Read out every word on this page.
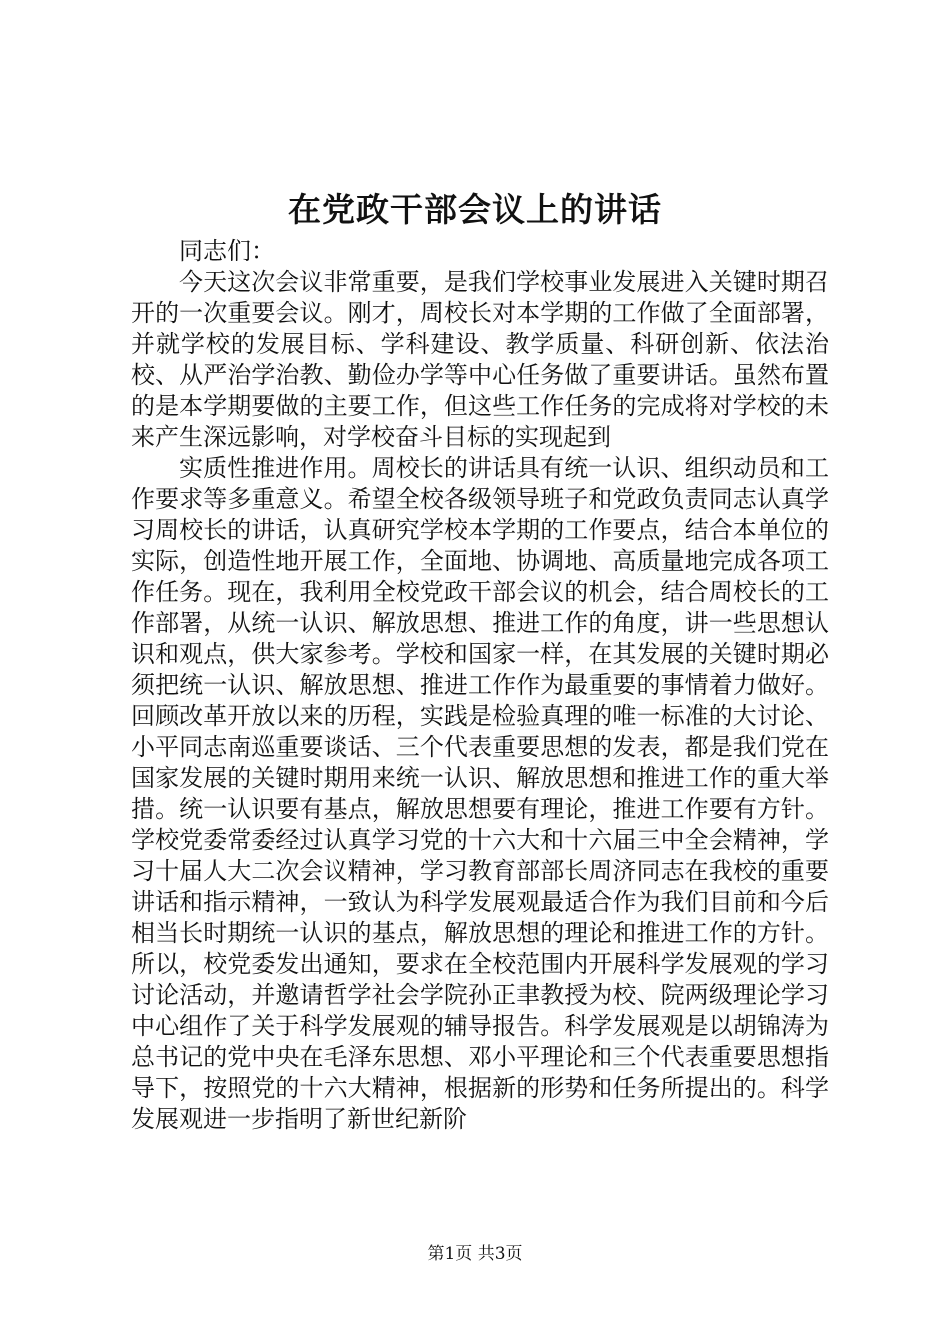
在党政干部会议上的讲话

同志们：

今天这次会议非常重要，是我们学校事业发展进入关键时期召开的一次重要会议。刚才，周校长对本学期的工作做了全面部署，并就学校的发展目标、学科建设、教学质量、科研创新、依法治校、从严治学治教、勤俭办学等中心任务做了重要讲话。虽然布置的是本学期要做的主要工作，但这些工作任务的完成将对学校的未来产生深远影响，对学校奋斗目标的实现起到

实质性推进作用。周校长的讲话具有统一认识、组织动员和工作要求等多重意义。希望全校各级领导班子和党政负责同志认真学习周校长的讲话，认真研究学校本学期的工作要点，结合本单位的实际，创造性地开展工作，全面地、协调地、高质量地完成各项工作任务。现在，我利用全校党政干部会议的机会，结合周校长的工作部署，从统一认识、解放思想、推进工作的角度，讲一些思想认识和观点，供大家参考。学校和国家一样，在其发展的关键时期必须把统一认识、解放思想、推进工作作为最重要的事情着力做好。回顾改革开放以来的历程，实践是检验真理的唯一标准的大讨论、小平同志南巡重要谈话、三个代表重要思想的发表，都是我们党在国家发展的关键时期用来统一认识、解放思想和推进工作的重大举措。统一认识要有基点，解放思想要有理论，推进工作要有方针。学校党委常委经过认真学习党的十六大和十六届三中全会精神，学习十届人大二次会议精神，学习教育部部长周济同志在我校的重要讲话和指示精神，一致认为科学发展观最适合作为我们目前和今后相当长时期统一认识的基点，解放思想的理论和推进工作的方针。所以，校党委发出通知，要求在全校范围内开展科学发展观的学习讨论活动，并邀请哲学社会学院孙正聿教授为校、院两级理论学习中心组作了关于科学发展观的辅导报告。科学发展观是以胡锦涛为总书记的党中央在毛泽东思想、邓小平理论和三个代表重要思想指导下，按照党的十六大精神，根据新的形势和任务所提出的。科学发展观进一步指明了新世纪新阶

第1页 共3页
